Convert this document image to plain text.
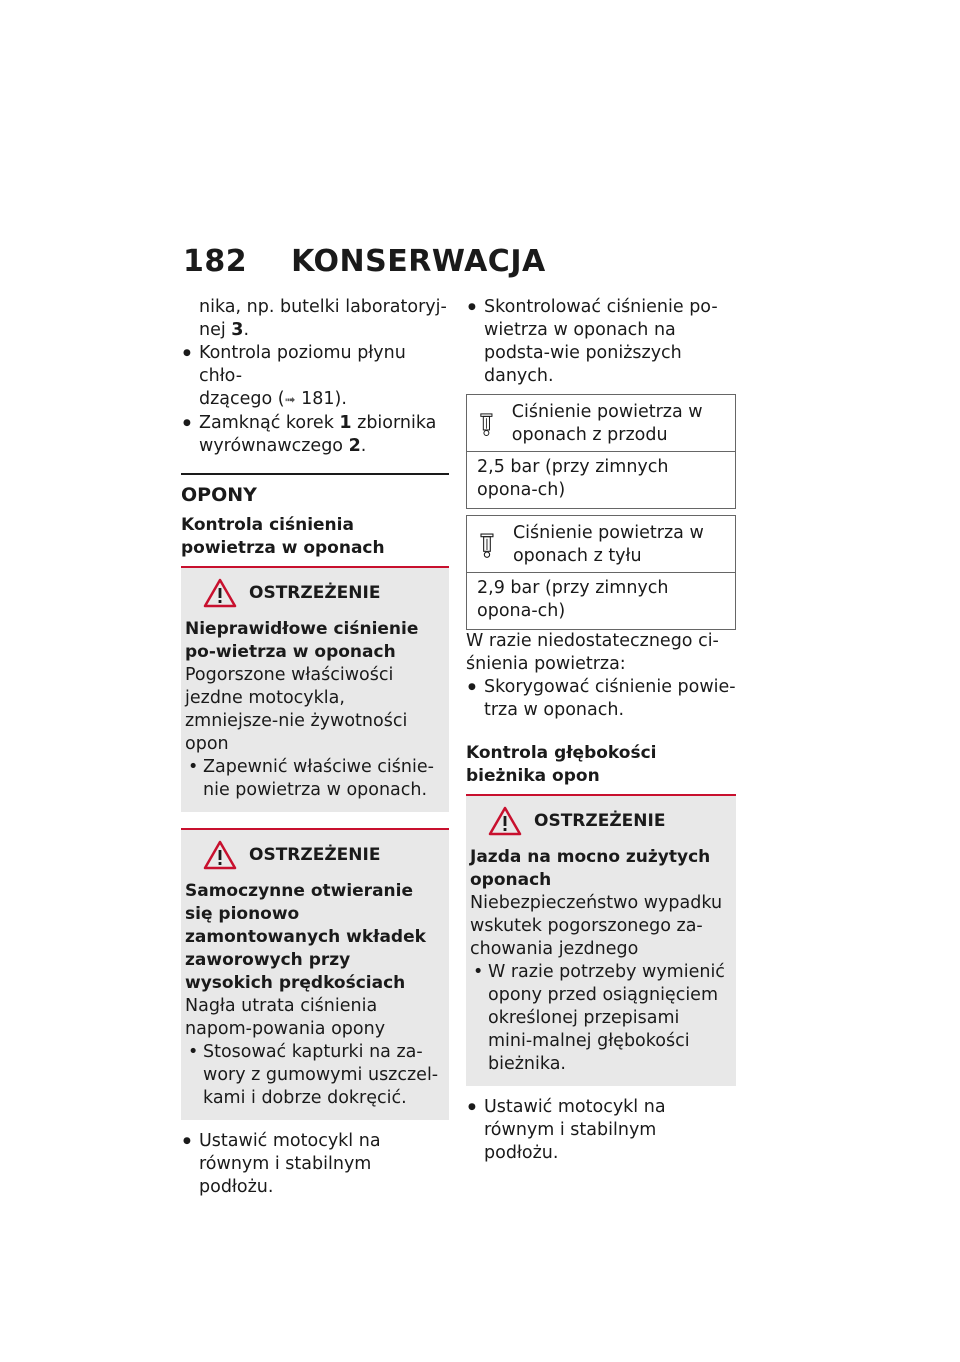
182 KONSERWACJA
nika, np. butelki laboratoryj-
nej 3.
● Kontrola poziomu płynu chło-
dzącego (➟ 181).
● Zamknąć korek 1 zbiornika
wyrównawczego 2.
OPONY
Kontrola ciśnienia powietrza w oponach
OSTRZEŻENIE

Nieprawidłowe ciśnienie po-wietrza w oponach

Pogorszone właściwości jezdne motocykla, zmniejsze-nie żywotności opon

• Zapewnić właściwe ciśnie-nie powietrza w oponach.
OSTRZEŻENIE

Samoczynne otwieranie się pionowo zamontowanych wkładek zaworowych przy wysokich prędkościach

Nagła utrata ciśnienia napom-powania opony

• Stosować kapturki na za-wory z gumowymi uszczel-kami i dobrze dokręcić.
● Ustawić motocykl na równym i stabilnym podłożu.
● Skontrolować ciśnienie po-wietrza w oponach na podsta-wie poniższych danych.
Ciśnienie powietrza w oponach z przodu
2,5 bar (przy zimnych opona-ch)
Ciśnienie powietrza w oponach z tyłu
2,9 bar (przy zimnych opona-ch)

W razie niedostatecznego ci-śnienia powietrza:

● Skorygować ciśnienie powie-trza w oponach.
Kontrola głębokości bieżnika opon
OSTRZEŻENIE

Jazda na mocno zużytych oponach

Niebezpieczeństwo wypadku wskutek pogorszonego za-chowania jezdnego

• W razie potrzeby wymienić opony przed osiągnięciem określonej przepisami mini-malnej głębokości bieżnika.
● Ustawić motocykl na równym i stabilnym podłożu.
